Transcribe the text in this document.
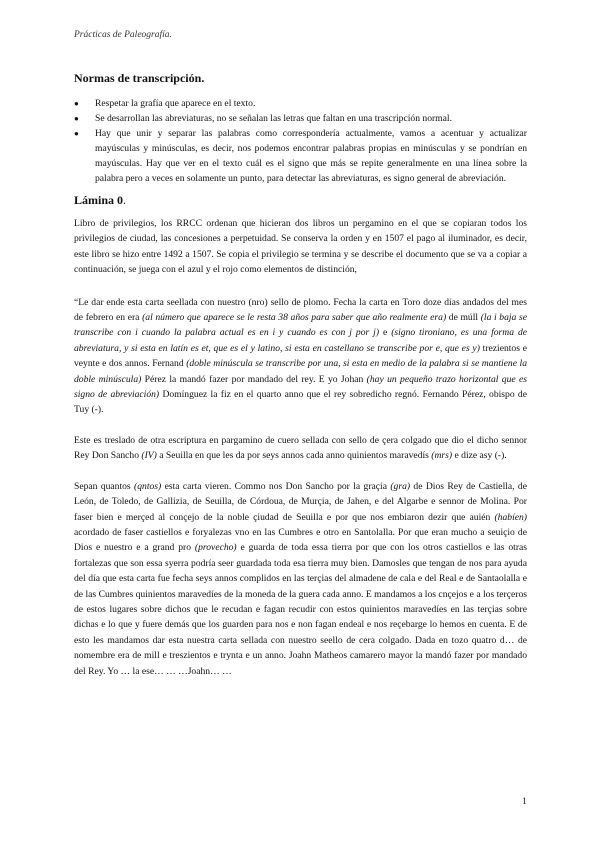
Prácticas de Paleografía.
Normas de transcripción.
● Respetar la grafía que aparece en el texto.
● Se desarrollan las abreviaturas, no se señalan las letras que faltan en una trascripción normal.
● Hay que unir y separar las palabras como correspondería actualmente, vamos a acentuar y actualizar mayúsculas y minúsculas, es decir, nos podemos encontrar palabras propias en minúsculas y se pondrían en mayúsculas. Hay que ver en el texto cuál es el signo que más se repite generalmente en una línea sobre la palabra pero a veces en solamente un punto, para detectar las abreviaturas, es signo general de abreviación.
Lámina 0.

Libro de privilegios, los RRCC ordenan que hicieran dos libros un pergamino en el que se copiaran todos los privilegios de ciudad, las concesiones a perpetuidad. Se conserva la orden y en 1507 el pago al iluminador, es decir, este libro se hizo entre 1492 a 1507. Se copia el privilegio se termina y se describe el documento que se va a copiar a continuación, se juega con el azul y el rojo como elementos de distinción,

“Le dar ende esta carta seellada con nuestro (nro) sello de plomo. Fecha la carta en Toro doze días andados del mes de febrero en era (al número que aparece se le resta 38 años para saber que año realmente era) de múll (la i baja se transcribe con i cuando la palabra actual es en i y cuando es con j por j) e (signo tironiano, es una forma de abreviatura, y si esta en latín es et, que es el y latino, si esta en castellano se transcribe por e, que es y) trezientos e veynte e dos annos. Fernand (doble minúscula se transcribe por una, si esta en medio de la palabra si se mantiene la doble minúscula) Pérez la mandó fazer por mandado del rey. E yo Johan (hay un pequeño trazo horizontal que es signo de abreviación) Domínguez la fiz en el quarto anno que el rey sobredicho regnó. Fernando Pérez, obispo de Tuy (-).

Este es treslado de otra escriptura en pargamino de cuero sellada con sello de çera colgado que dio el dicho sennor Rey Don Sancho (IV) a Seuilla en que les da por seys annos cada anno quinientos maravedís (mrs) e dize asy (-).

Sepan quantos (qntos) esta carta vieren. Commo nos Don Sancho por la graçia (gra) de Dios Rey de Castiella, de León, de Toledo, de Gallizia, de Seuilla, de Córdoua, de Murçia, de Jahen, e del Algarbe e sennor de Molina. Por faser bien e merçed al conçejo de la noble çiudad de Seuilla e por que nos embiaron dezir que auién (habíen) acordado de faser castiellos e foryalezas vno en las Cumbres e otro en Santolalla. Por que eran mucho a seuiçio de Dios e nuestro e a grand pro (provecho) e guarda de toda essa tierra por que con los otros castiellos e las otras fortalezas que son essa syerra podría seer guardada toda esa tierra muy bien. Damosles que tengan de nos para ayuda del día que esta carta fue fecha seys annos complidos en las terçias del almadene de cala e del Real e de Santaolalla e de las Cumbres quinientos maravedíes de la moneda de la guera cada anno. E mandamos a los cnçejos e a los terçeros de estos lugares sobre dichos que le recudan e fagan recudir con estos quinientos maravedíes en las terçias sobre dichas e lo que y fuere demás que los guarden para nos e non fagan endeal e nos reçebarge lo hemos en cuenta. E de esto les mandamos dar esta nuestra carta sellada con nuestro seello de cera colgado. Dada en tozo quatro d… de nomembre era de mill e treszientos e trynta e un anno. Joahn Matheos camarero mayor la mandó fazer por mandado del Rey. Yo … la ese… … …Joahn… …

1
